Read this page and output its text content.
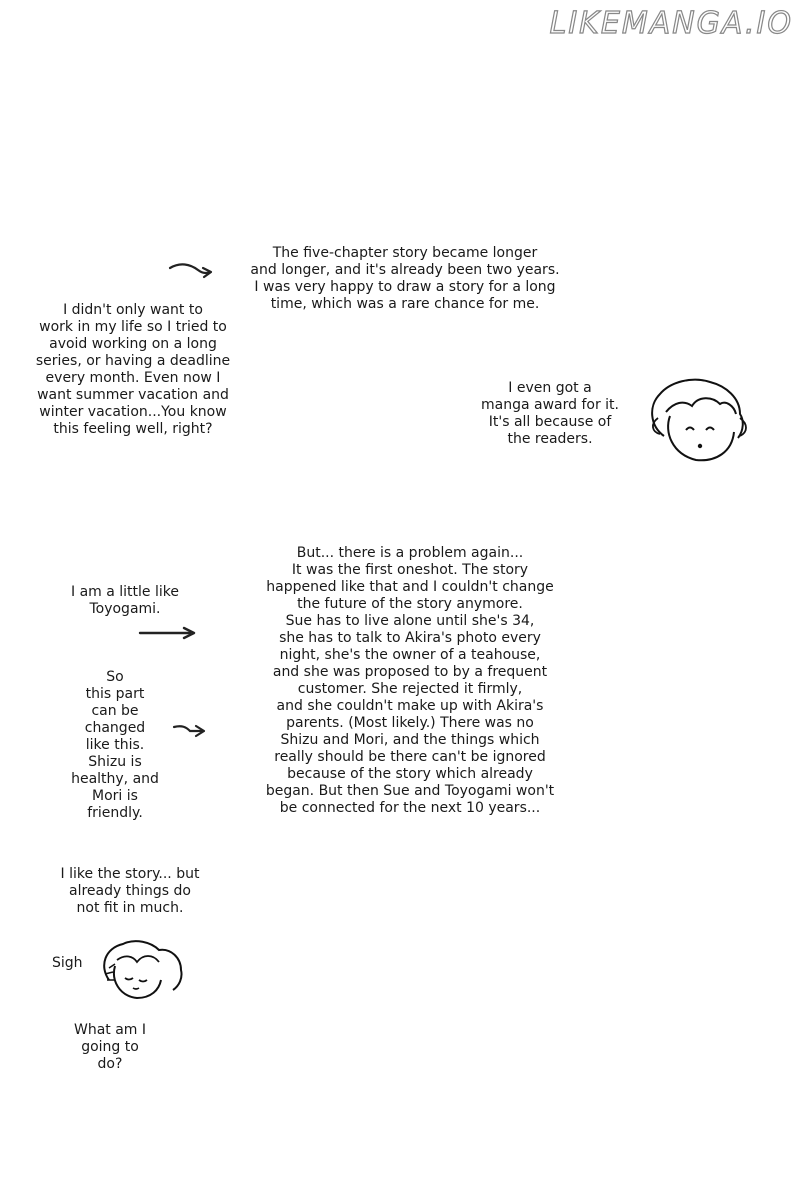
LIKEMANGA.IO
The five-chapter story became longer
and longer, and it's already been two years.
I was very happy to draw a story for a long
time, which was a rare chance for me.
I didn't only want to
work in my life so I tried to
avoid working on a long
series, or having a deadline
every month. Even now I
want summer vacation and
winter vacation...You know
this feeling well, right?
I even got a
manga award for it.
It's all because of
the readers.
But... there is a problem again...
It was the first oneshot. The story
happened like that and I couldn't change
the future of the story anymore.
Sue has to live alone until she's 34,
she has to talk to Akira's photo every
night, she's the owner of a teahouse,
and she was proposed to by a frequent
customer. She rejected it firmly,
and she couldn't make up with Akira's
parents. (Most likely.) There was no
Shizu and Mori, and the things which
really should be there can't be ignored
because of the story which already
began. But then Sue and Toyogami won't
be connected for the next 10 years...
I am a little like
Toyogami.
So
this part
can be
changed
like this.
Shizu is
healthy, and
Mori is
friendly.
I like the story... but
already things do
not fit in much.
Sigh
What am I
going to
do?
